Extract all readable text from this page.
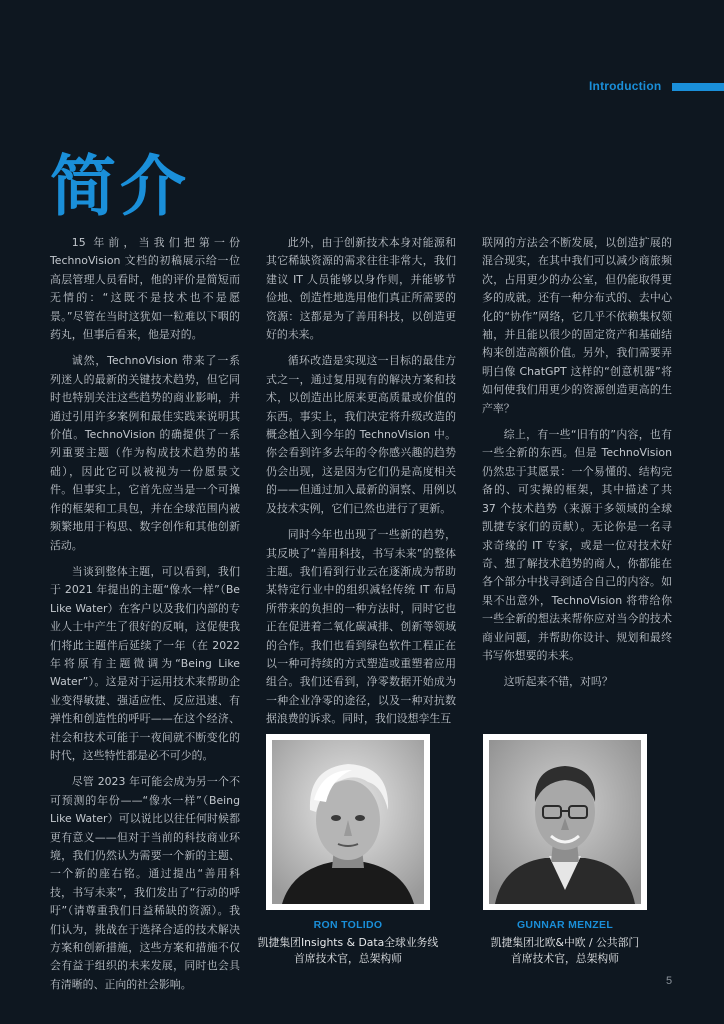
Introduction
简介

15 年前，当我们把第一份 TechnoVision 文档的初稿展示给一位高层管理人员看时，他的评价是简短而无情的：“这既不是技术也不是愿景。”尽管在当时这犹如一粒难以下咽的药丸，但事后看来，他是对的。

诚然，TechnoVision 带来了一系列迷人的最新的关键技术趋势，但它同时也特别关注这些趋势的商业影响，并通过引用许多案例和最佳实践来说明其价值。TechnoVision 的确提供了一系列重要主题（作为构成技术趋势的基础），因此它可以被视为一份愿景文件。但事实上，它首先应当是一个可操作的框架和工具包，并在全球范围内被频繁地用于构思、数字创作和其他创新活动。

当谈到整体主题，可以看到，我们于 2021 年提出的主题“像水一样”（Be Like Water）在客户以及我们内部的专业人士中产生了很好的反响，这促使我们将此主题伴后延续了一年（在 2022 年将原有主题微调为“Being Like Water”）。这是对于运用技术来帮助企业变得敏捷、强适应性、反应迅速、有弹性和创造性的呼吁——在这个经济、社会和技术可能于一夜间就不断变化的时代，这些特性都是必不可少的。

尽管 2023 年可能会成为另一个不可预测的年份——“像水一样”（Being Like Water）可以说比以往任何时候都更有意义——但对于当前的科技商业环境，我们仍然认为需要一个新的主题、一个新的座右铭。通过提出“善用科技，书写未来”，我们发出了“行动的呼吁”（请尊重我们日益稀缺的资源）。我们认为，挑战在于选择合适的技术解决方案和创新措施，这些方案和措施不仅会有益于组织的未来发展，同时也会具有清晰的、正向的社会影响。

此外，由于创新技术本身对能源和其它稀缺资源的需求往往非常大，我们建议 IT 人员能够以身作则，并能够节俭地、创造性地选用他们真正所需要的资源：这都是为了善用科技，以创造更好的未来。

循环改造是实现这一目标的最佳方式之一，通过复用现有的解决方案和技术，以创造出比原来更高质量或价值的东西。事实上，我们决定将升级改造的概念植入到今年的 TechnoVision 中。你会看到许多去年的令你感兴趣的趋势仍会出现，这是因为它们仍是高度相关的——但通过加入最新的洞察、用例以及技术实例，它们已然也进行了更新。

同时今年也出现了一些新的趋势，其反映了“善用科技，书写未来”的整体主题。我们看到行业云在逐渐成为帮助某特定行业中的组织减轻传统 IT 布局所带来的负担的一种方法时，同时它也正在促进着二氧化碳减排、创新等领域的合作。我们也看到绿色软件工程正在以一种可持续的方式塑造或重塑着应用组合。我们还看到，净零数据开始成为一种企业净零的途径，以及一种对抗数据浪费的诉求。同时，我们设想孪生互

联网的方法会不断发展，以创造扩展的混合现实，在其中我们可以减少商旅频次，占用更少的办公室，但仍能取得更多的成就。还有一种分布式的、去中心化的“协作”网络，它几乎不依赖集权领袖，并且能以很少的固定资产和基础结构来创造高额价值。另外，我们需要弄明白像 ChatGPT 这样的“创意机器”将如何使我们用更少的资源创造更高的生产率？

综上，有一些“旧有的”内容，也有一些全新的东西。但是 TechnoVision 仍然忠于其愿景：一个易懂的、结构完备的、可实操的框架，其中描述了共 37 个技术趋势（来源于多领域的全球凯捷专家们的贡献）。无论你是一名寻求奇缘的 IT 专家，或是一位对技术好奇、想了解技术趋势的商人，你都能在各个部分中找寻到适合自己的内容。如果不出意外，TechnoVision 将带给你一些全新的想法来帮你应对当今的技术商业问题，并帮助你设计、规划和最终书写你想要的未来。

这听起来不错，对吗？

RON TOLIDO
凯捷集团Insights & Data全球业务线
首席技术官，总架构师
GUNNAR MENZEL
凯捷集团北欧&中欧 / 公共部门
首席技术官，总架构师
5
